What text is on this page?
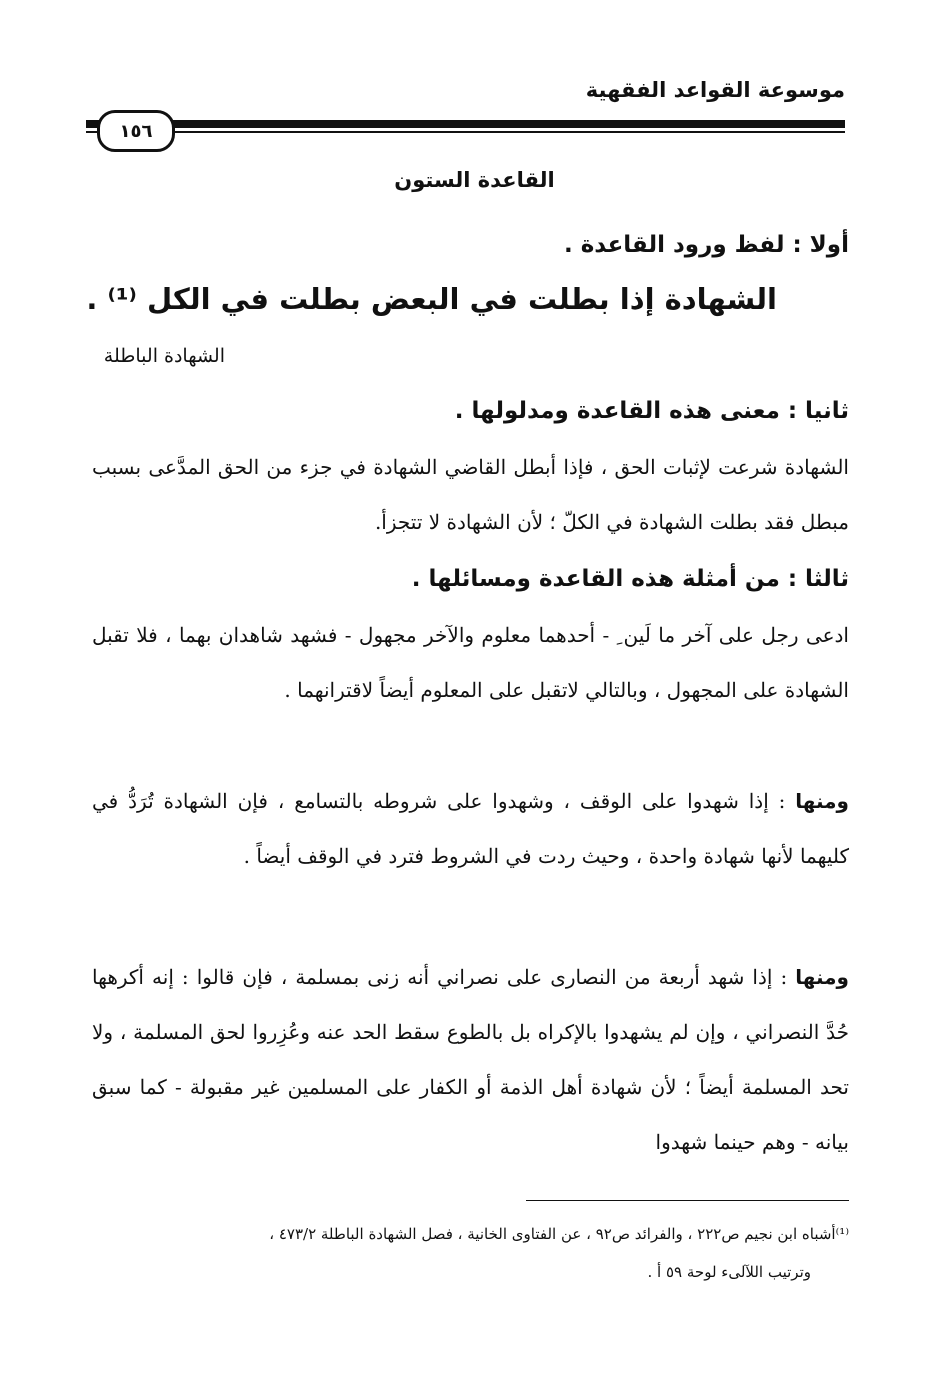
موسوعة القواعد الفقهية
١٥٦
القاعدة الستون
أولا : لفظ ورود القاعدة .
الشهادة إذا بطلت في البعض بطلت في الكل ⁽¹⁾ .
الشهادة الباطلة
ثانيا : معنى هذه القاعدة ومدلولها .
الشهادة شرعت لإثبات الحق ، فإذا أبطل القاضي الشهادة في جزء من الحق المدَّعى بسبب مبطل فقد بطلت الشهادة في الكلّ ؛ لأن الشهادة لا تتجزأ.
ثالثا : من أمثلة هذه القاعدة ومسائلها .
ادعى رجل على آخر ما لَين ِ - أحدهما معلوم والآخر مجهول - فشهد شاهدان بهما ، فلا تقبل الشهادة على المجهول ، وبالتالي لاتقبل على المعلوم أيضاً لاقترانهما .
ومنها : إذا شهدوا على الوقف ، وشهدوا على شروطه بالتسامع ، فإن الشهادة تُرَدُّ في كليهما لأنها شهادة واحدة ، وحيث ردت في الشروط فترد في الوقف أيضاً .
ومنها : إذا شهد أربعة من النصارى على نصراني أنه زنى بمسلمة ، فإن قالوا : إنه أكرهها حُدَّ النصراني ، وإن لم يشهدوا بالإكراه بل بالطوع سقط الحد عنه وعُزِروا لحق المسلمة ، ولا تحد المسلمة أيضاً ؛ لأن شهادة أهل الذمة أو الكفار على المسلمين غير مقبولة - كما سبق بيانه - وهم حينما شهدوا
⁽¹⁾أشباه ابن نجيم ص٢٢٢ ، والفرائد ص٩٢ ، عن الفتاوى الخانية ، فصل الشهادة الباطلة ٤٧٣/٢ ،
وترتيب اللآلىء لوحة ٥٩ أ .
